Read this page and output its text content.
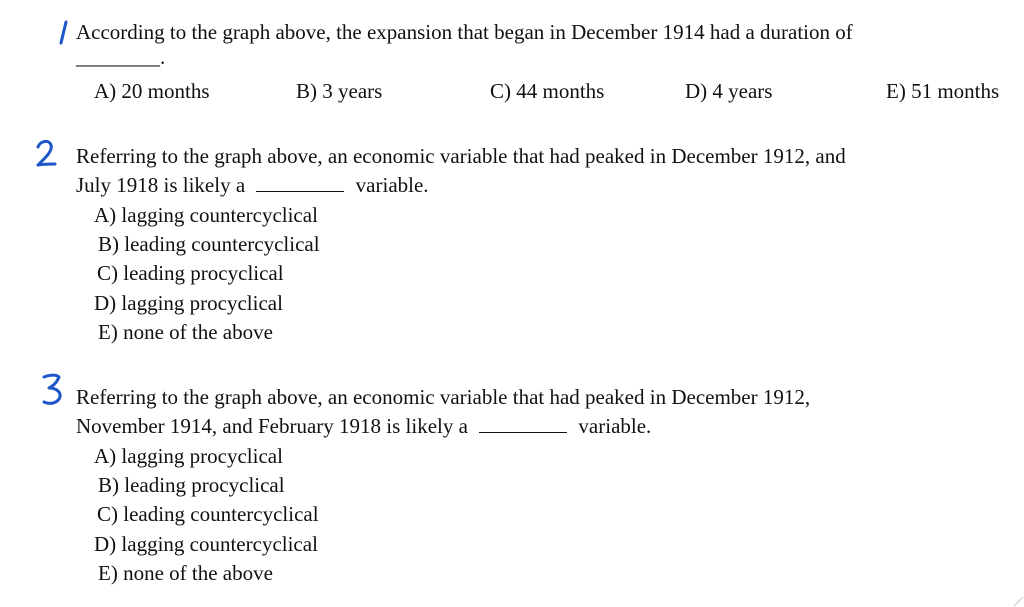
According to the graph above, the expansion that began in December 1914 had a duration of
________.
A) 20 months	B) 3 years	C) 44 months	D) 4 years	E) 51 months
Referring to the graph above, an economic variable that had peaked in December 1912, and
July 1918 is likely a	variable.
A) lagging countercyclical
B) leading countercyclical
C) leading procyclical
D) lagging procyclical
E) none of the above
Referring to the graph above, an economic variable that had peaked in December 1912,
November 1914, and February 1918 is likely a	variable.
A) lagging procyclical
B) leading procyclical
C) leading countercyclical
D) lagging countercyclical
E) none of the above
